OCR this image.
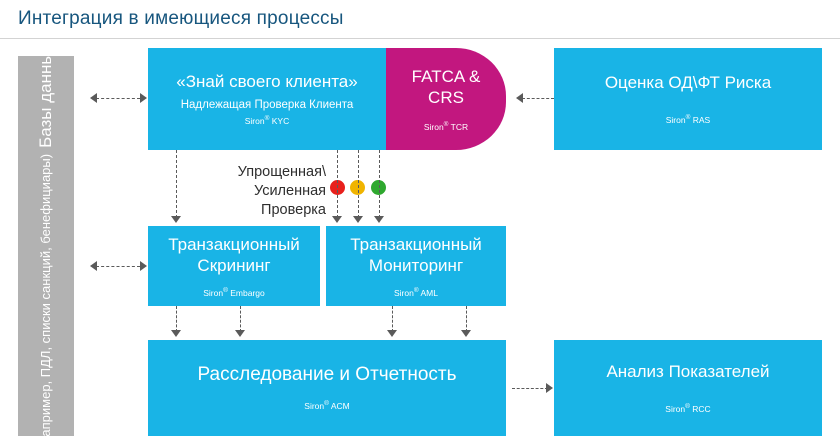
Интеграция в имеющиеся процессы
Базы данных
(например, ПДЛ, списки санкций, бенефициары)
«Знай своего клиента»
Надлежащая Проверка Клиента
Siron® KYC
FATCA & CRS
Siron® TCR
Оценка ОД\ФТ Риска
Siron® RAS
Транзакционный Скрининг
Siron® Embargo
Транзакционный Мониторинг
Siron® AML
Расследование и Отчетность
Siron® ACM
Анализ Показателей
Siron® RCC
Упрощенная\
Усиленная
Проверка
